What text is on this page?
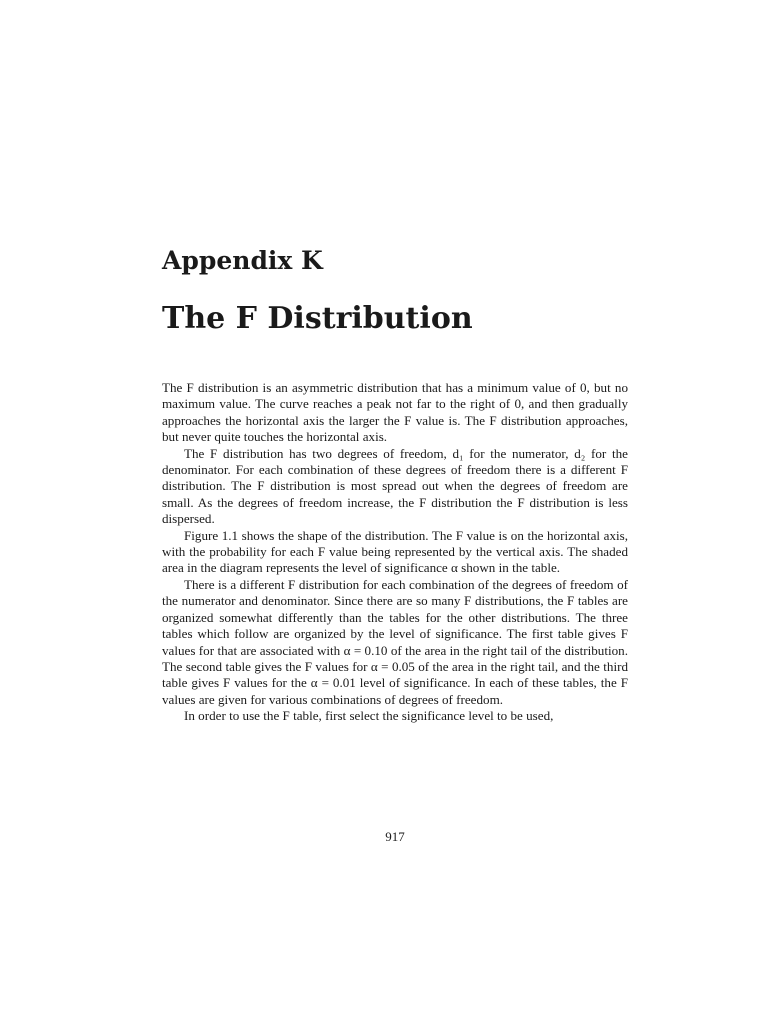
Appendix K
The F Distribution

The F distribution is an asymmetric distribution that has a minimum value of 0, but no maximum value. The curve reaches a peak not far to the right of 0, and then gradually approaches the horizontal axis the larger the F value is. The F distribution approaches, but never quite touches the horizontal axis.

The F distribution has two degrees of freedom, d₁ for the numerator, d₂ for the denominator. For each combination of these degrees of freedom there is a different F distribution. The F distribution is most spread out when the degrees of freedom are small. As the degrees of freedom increase, the F distribution the F distribution is less dispersed.

Figure 1.1 shows the shape of the distribution. The F value is on the horizontal axis, with the probability for each F value being represented by the vertical axis. The shaded area in the diagram represents the level of significance α shown in the table.

There is a different F distribution for each combination of the degrees of freedom of the numerator and denominator. Since there are so many F distributions, the F tables are organized somewhat differently than the tables for the other distributions. The three tables which follow are organized by the level of significance. The first table gives F values for that are associated with α = 0.10 of the area in the right tail of the distribution. The second table gives the F values for α = 0.05 of the area in the right tail, and the third table gives F values for the α = 0.01 level of significance. In each of these tables, the F values are given for various combinations of degrees of freedom.

In order to use the F table, first select the significance level to be used,

917
